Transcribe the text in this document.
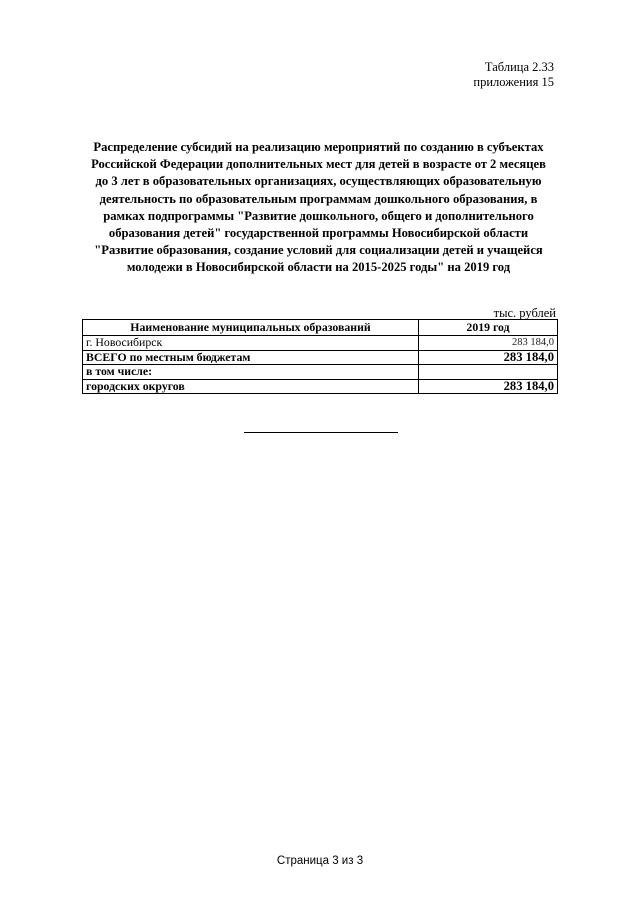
Таблица 2.33
приложения 15
Распределение субсидий на реализацию мероприятий по созданию в субъектах
Российской Федерации дополнительных мест для детей в возрасте от 2 месяцев
до 3 лет в образовательных организациях, осуществляющих образовательную
деятельность по образовательным программам дошкольного образования, в
рамках подпрограммы "Развитие дошкольного, общего и дополнительного
образования детей" государственной программы Новосибирской области
"Развитие образования, создание условий для социализации детей и учащейся
молодежи в Новосибирской области на 2015-2025 годы" на 2019 год
тыс. рублей
Наименование муниципальных образований	2019 год
г. Новосибирск	283 184,0
ВСЕГО по местным бюджетам	283 184,0
в том числе:	
городских округов	283 184,0
Страница 3 из 3
